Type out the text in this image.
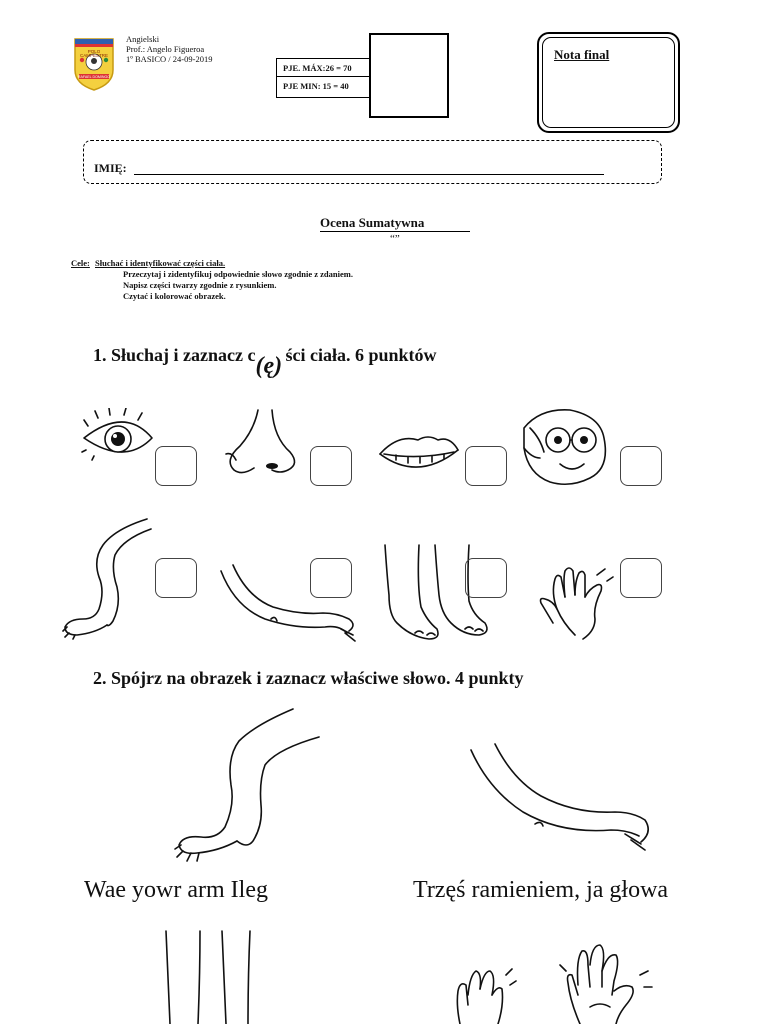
POLO
CAMPESTRE
RAFAEL DOMINGO
Angielski
Prof.: Angelo Figueroa
1º BASICO / 24-09-2019
PJE. MÁX:26 = 70
PJE MIN: 15 = 40
Nota final
IMIĘ:
Ocena Sumatywna
“”
Cele: Słuchać i identyfikować części ciała.
Przeczytaj i zidentyfikuj odpowiednie słowo zgodnie z zdaniem.
Napisz części twarzy zgodnie z rysunkiem.
Czytać i kolorować obrazek.
1. Słuchaj i zaznacz c (ę) ści ciała. 6 punktów
2. Spójrz na obrazek i zaznacz właściwe słowo. 4 punkty
Wae yowr arm Ileg	Trzęś ramieniem, ja głowa
